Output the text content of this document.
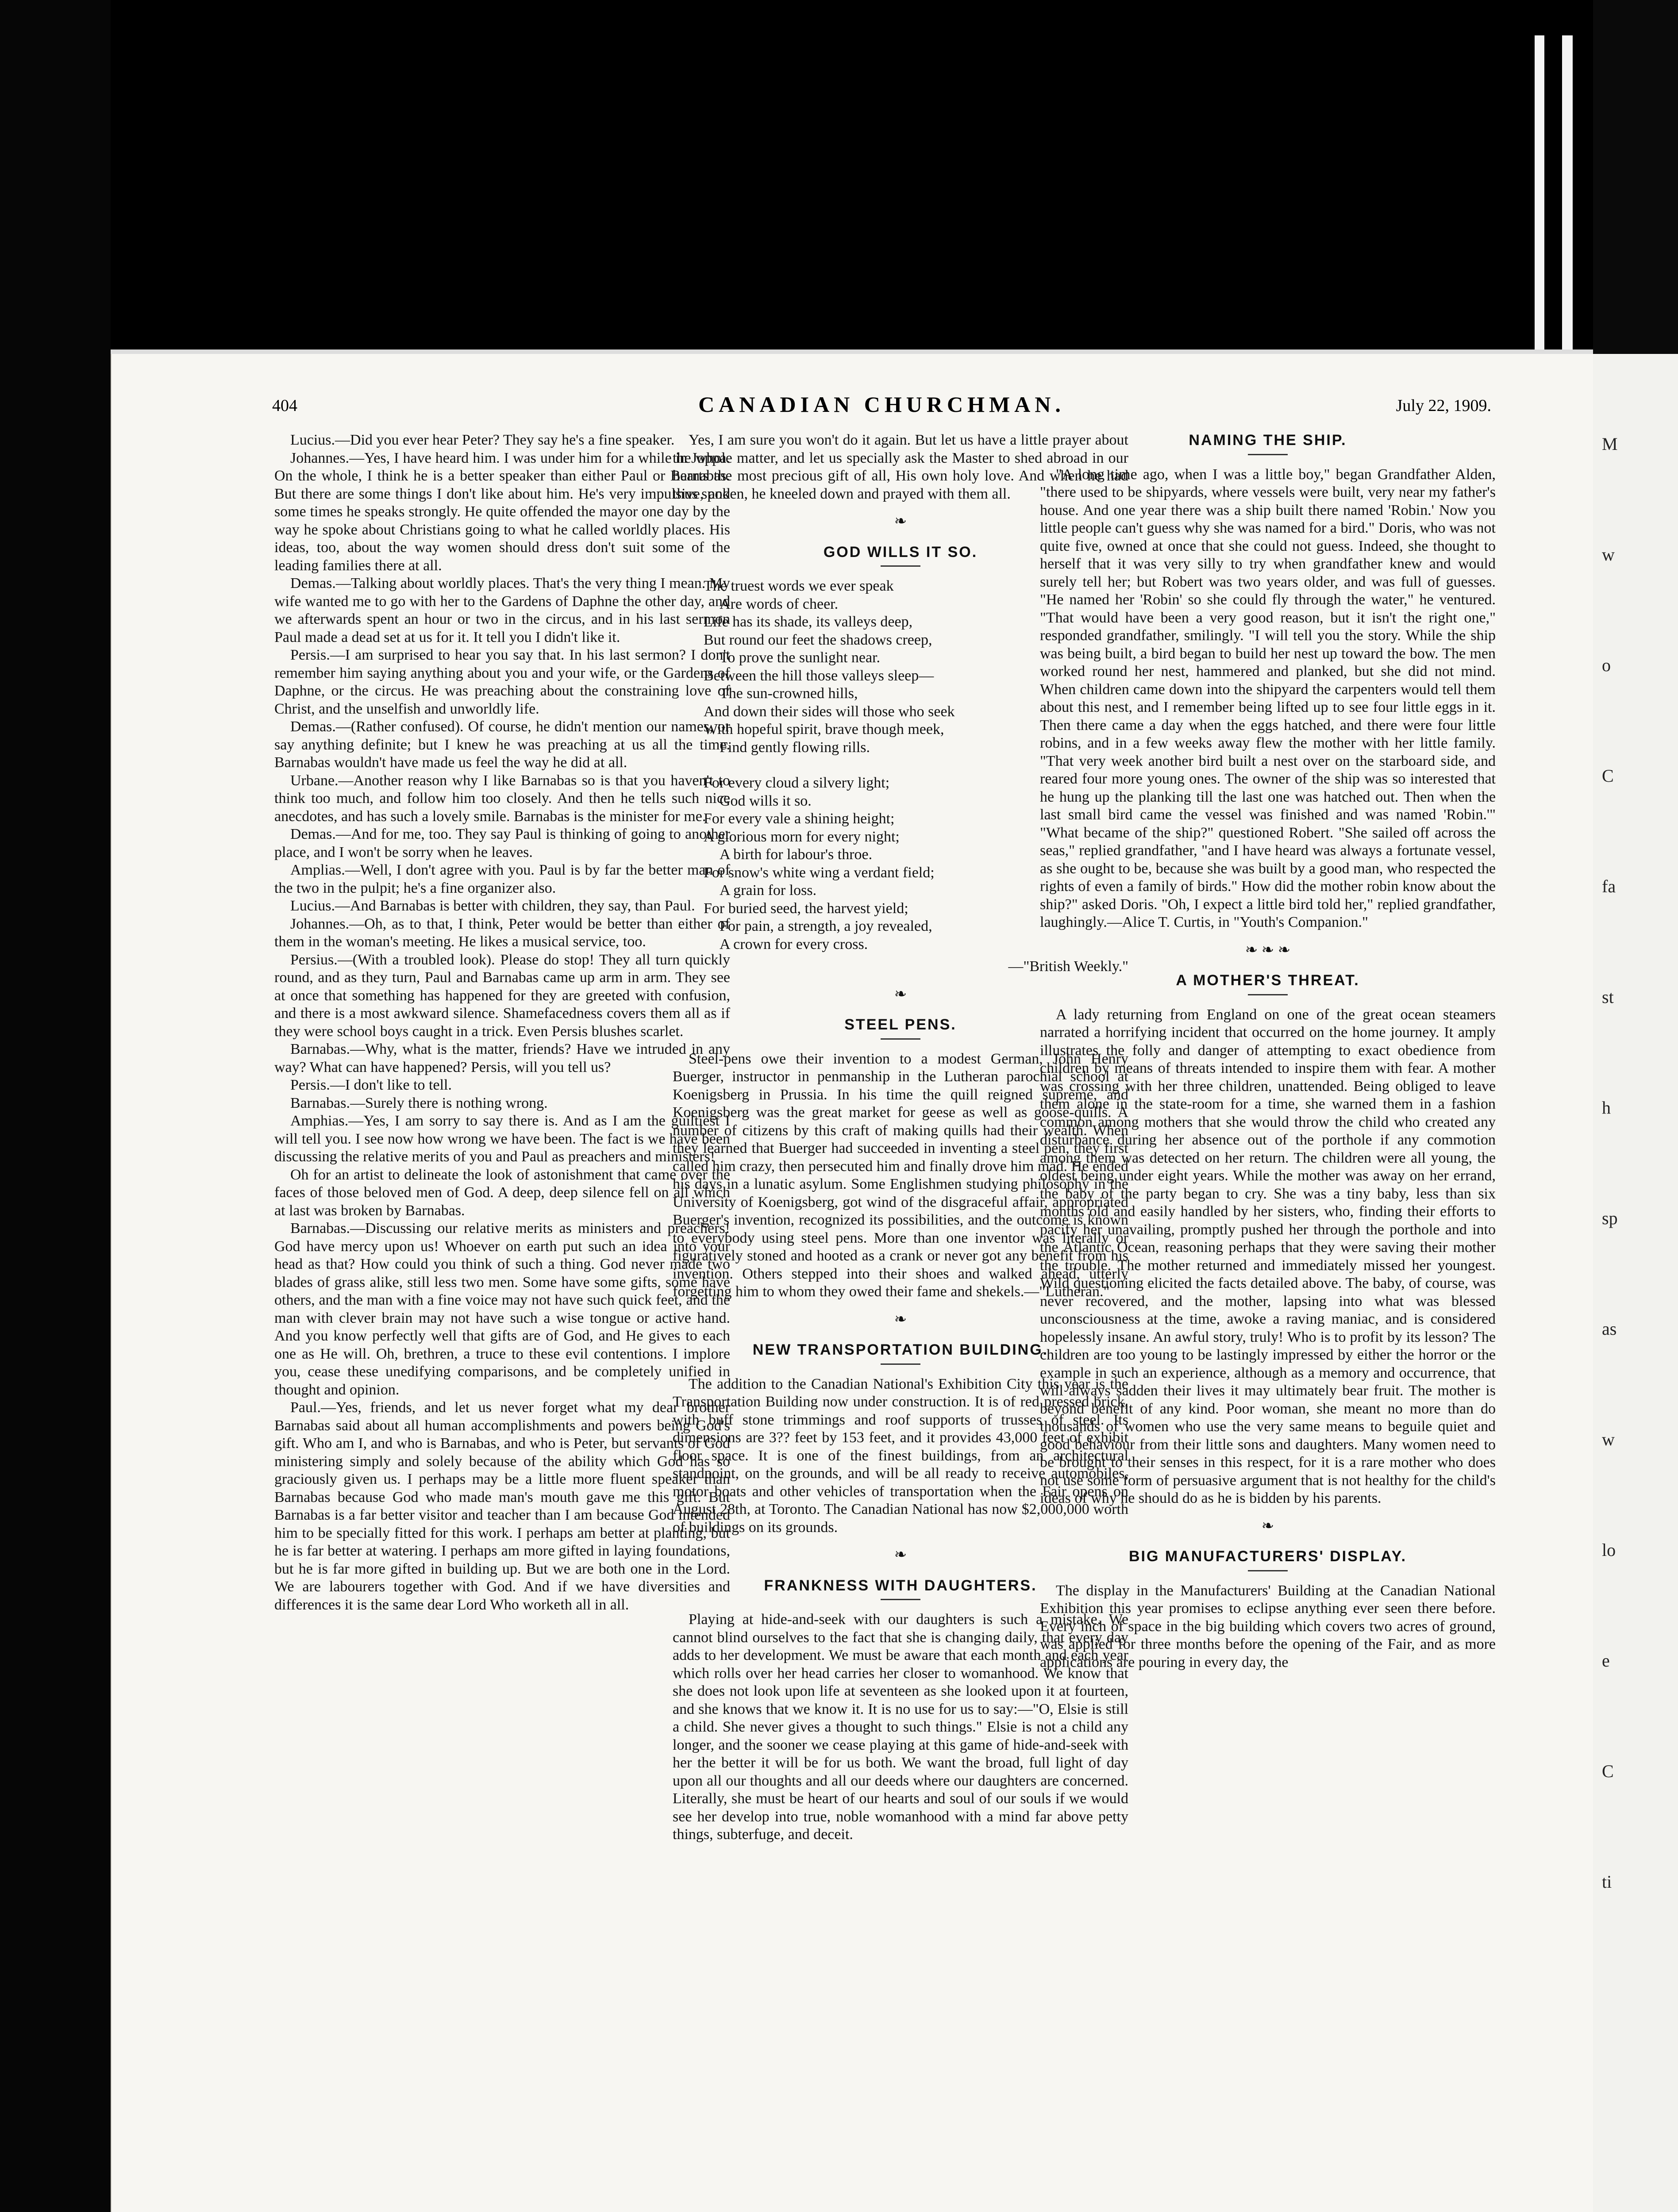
404	CANADIAN CHURCHMAN.	July 22, 1909.

Lucius.—Did you ever hear Peter? They say he's a fine speaker.

Johannes.—Yes, I have heard him. I was under him for a while in Joppa. On the whole, I think he is a better speaker than either Paul or Barnabas. But there are some things I don't like about him. He's very impulsive, and some times he speaks strongly. He quite offended the mayor one day by the way he spoke about Christians going to what he called worldly places. His ideas, too, about the way women should dress don't suit some of the leading families there at all.

Demas.—Talking about worldly places. That's the very thing I mean. My wife wanted me to go with her to the Gardens of Daphne the other day, and we afterwards spent an hour or two in the circus, and in his last sermon Paul made a dead set at us for it. It tell you I didn't like it.

Persis.—I am surprised to hear you say that. In his last sermon? I don't remember him saying anything about you and your wife, or the Gardens of Daphne, or the circus. He was preaching about the constraining love of Christ, and the unselfish and unworldly life.

Demas.—(Rather confused). Of course, he didn't mention our names, or say anything definite; but I knew he was preaching at us all the time. Barnabas wouldn't have made us feel the way he did at all.

Urbane.—Another reason why I like Barnabas so is that you haven't to think too much, and follow him too closely. And then he tells such nice anecdotes, and has such a lovely smile. Barnabas is the minister for me.

Demas.—And for me, too. They say Paul is thinking of going to another place, and I won't be sorry when he leaves.

Amplias.—Well, I don't agree with you. Paul is by far the better man of the two in the pulpit; he's a fine organizer also.

Lucius.—And Barnabas is better with children, they say, than Paul.

Johannes.—Oh, as to that, I think, Peter would be better than either of them in the woman's meeting. He likes a musical service, too.

Persius.—(With a troubled look). Please do stop! They all turn quickly round, and as they turn, Paul and Barnabas came up arm in arm. They see at once that something has happened for they are greeted with confusion, and there is a most awkward silence. Shamefacedness covers them all as if they were school boys caught in a trick. Even Persis blushes scarlet.

Barnabas.—Why, what is the matter, friends? Have we intruded in any way? What can have happened? Persis, will you tell us?

Persis.—I don't like to tell.

Barnabas.—Surely there is nothing wrong.

Amphias.—Yes, I am sorry to say there is. And as I am the guiltiest I will tell you. I see now how wrong we have been. The fact is we have been discussing the relative merits of you and Paul as preachers and ministers!

Oh for an artist to delineate the look of astonishment that came over the faces of those beloved men of God. A deep, deep silence fell on all which at last was broken by Barnabas.

Barnabas.—Discussing our relative merits as ministers and preachers! God have mercy upon us! Whoever on earth put such an idea into your head as that? How could you think of such a thing. God never made two blades of grass alike, still less two men. Some have some gifts, some have others, and the man with a fine voice may not have such quick feet, and the man with clever brain may not have such a wise tongue or active hand. And you know perfectly well that gifts are of God, and He gives to each one as He will. Oh, brethren, a truce to these evil contentions. I implore you, cease these unedifying comparisons, and be completely unified in thought and opinion.

Paul.—Yes, friends, and let us never forget what my dear brother Barnabas said about all human accomplishments and powers being God's gift. Who am I, and who is Barnabas, and who is Peter, but servants of God ministering simply and solely because of the ability which God has so graciously given us. I perhaps may be a little more fluent speaker than Barnabas because God who made man's mouth gave me this gift. But Barnabas is a far better visitor and teacher than I am because God intended him to be specially fitted for this work. I perhaps am better at planting, but he is far better at watering. I perhaps am more gifted in laying foundations, but he is far more gifted in building up. But we are both one in the Lord. We are labourers together with God. And if we have diversities and differences it is the same dear Lord Who worketh all in all.

Yes, I am sure you won't do it again. But let us have a little prayer about the whole matter, and let us specially ask the Master to shed abroad in our hearts the most precious gift of all, His own holy love. And when he had thus spoken, he kneeled down and prayed with them all.

❧
GOD WILLS IT SO.
The truest words we ever speak
Are words of cheer.
Life has its shade, its valleys deep,
But round our feet the shadows creep,
To prove the sunlight near.
Between the hill those valleys sleep—
The sun-crowned hills,
And down their sides will those who seek
With hopeful spirit, brave though meek,
Find gently flowing rills.
For every cloud a silvery light;
God wills it so.
For every vale a shining height;
A glorious morn for every night;
A birth for labour's throe.
For snow's white wing a verdant field;
A grain for loss.
For buried seed, the harvest yield;
For pain, a strength, a joy revealed,
A crown for every cross.
—"British Weekly."
❧
STEEL PENS.

Steel-pens owe their invention to a modest German, John Henry Buerger, instructor in penmanship in the Lutheran parochial school at Koenigsberg in Prussia. In his time the quill reigned supreme, and Koenigsberg was the great market for geese as well as goose-quills. A number of citizens by this craft of making quills had their wealth. When they learned that Buerger had succeeded in inventing a steel pen, they first called him crazy, then persecuted him and finally drove him mad. He ended his days in a lunatic asylum. Some Englishmen studying philosophy in the University of Koenigsberg, got wind of the disgraceful affair, appropriated Buerger's invention, recognized its possibilities, and the outcome is known to everybody using steel pens. More than one inventor was literally or figuratively stoned and hooted as a crank or never got any benefit from his invention. Others stepped into their shoes and walked ahead, utterly forgetting him to whom they owed their fame and shekels.—"Lutheran."

❧
NEW TRANSPORTATION BUILDING.

The addition to the Canadian National's Exhibition City this year is the Transportation Building now under construction. It is of red pressed brick, with buff stone trimmings and roof supports of trusses of steel. Its dimensions are 3?? feet by 153 feet, and it provides 43,000 feet of exhibit floor space. It is one of the finest buildings, from an architectural standpoint, on the grounds, and will be all ready to receive automobiles, motor boats and other vehicles of transportation when the Fair opens on August 28th, at Toronto. The Canadian National has now $2,000,000 worth of buildings on its grounds.

❧
FRANKNESS WITH DAUGHTERS.

Playing at hide-and-seek with our daughters is such a mistake. We cannot blind ourselves to the fact that she is changing daily, that every day adds to her development. We must be aware that each month and each year which rolls over her head carries her closer to womanhood. We know that she does not look upon life at seventeen as she looked upon it at fourteen, and she knows that we know it. It is no use for us to say:—"O, Elsie is still a child. She never gives a thought to such things." Elsie is not a child any longer, and the sooner we cease playing at this game of hide-and-seek with her the better it will be for us both. We want the broad, full light of day upon all our thoughts and all our deeds where our daughters are concerned. Literally, she must be heart of our hearts and soul of our souls if we would see her develop into true, noble womanhood with a mind far above petty things, subterfuge, and deceit.

NAMING THE SHIP.

"A long time ago, when I was a little boy," began Grandfather Alden, "there used to be shipyards, where vessels were built, very near my father's house. And one year there was a ship built there named 'Robin.' Now you little people can't guess why she was named for a bird." Doris, who was not quite five, owned at once that she could not guess. Indeed, she thought to herself that it was very silly to try when grandfather knew and would surely tell her; but Robert was two years older, and was full of guesses. "He named her 'Robin' so she could fly through the water," he ventured. "That would have been a very good reason, but it isn't the right one," responded grandfather, smilingly. "I will tell you the story. While the ship was being built, a bird began to build her nest up toward the bow. The men worked round her nest, hammered and planked, but she did not mind. When children came down into the shipyard the carpenters would tell them about this nest, and I remember being lifted up to see four little eggs in it. Then there came a day when the eggs hatched, and there were four little robins, and in a few weeks away flew the mother with her little family. "That very week another bird built a nest over on the starboard side, and reared four more young ones. The owner of the ship was so interested that he hung up the planking till the last one was hatched out. Then when the last small bird came the vessel was finished and was named 'Robin.'" "What became of the ship?" questioned Robert. "She sailed off across the seas," replied grandfather, "and I have heard was always a fortunate vessel, as she ought to be, because she was built by a good man, who respected the rights of even a family of birds." How did the mother robin know about the ship?" asked Doris. "Oh, I expect a little bird told her," replied grandfather, laughingly.—Alice T. Curtis, in "Youth's Companion."

❧ ❧ ❧
A MOTHER'S THREAT.

A lady returning from England on one of the great ocean steamers narrated a horrifying incident that occurred on the home journey. It amply illustrates the folly and danger of attempting to exact obedience from children by means of threats intended to inspire them with fear. A mother was crossing with her three children, unattended. Being obliged to leave them alone in the state-room for a time, she warned them in a fashion common among mothers that she would throw the child who created any disturbance during her absence out of the porthole if any commotion among them was detected on her return. The children were all young, the oldest being under eight years. While the mother was away on her errand, the baby of the party began to cry. She was a tiny baby, less than six months old and easily handled by her sisters, who, finding their efforts to pacify her unavailing, promptly pushed her through the porthole and into the Atlantic Ocean, reasoning perhaps that they were saving their mother the trouble. The mother returned and immediately missed her youngest. Wild questioning elicited the facts detailed above. The baby, of course, was never recovered, and the mother, lapsing into what was blessed unconsciousness at the time, awoke a raving maniac, and is considered hopelessly insane. An awful story, truly! Who is to profit by its lesson? The children are too young to be lastingly impressed by either the horror or the example in such an experience, although as a memory and occurrence, that will always sadden their lives it may ultimately bear fruit. The mother is beyond benefit of any kind. Poor woman, she meant no more than do thousands of women who use the very same means to beguile quiet and good behaviour from their little sons and daughters. Many women need to be brought to their senses in this respect, for it is a rare mother who does not use some form of persuasive argument that is not healthy for the child's ideas of why he should do as he is bidden by his parents.

❧
BIG MANUFACTURERS' DISPLAY.

The display in the Manufacturers' Building at the Canadian National Exhibition this year promises to eclipse anything ever seen there before. Every inch of space in the big building which covers two acres of ground, was applied for three months before the opening of the Fair, and as more applications are pouring in every day, the

M
w
o
C
fa
st
h
sp
as
w
lo
e
C
ti
